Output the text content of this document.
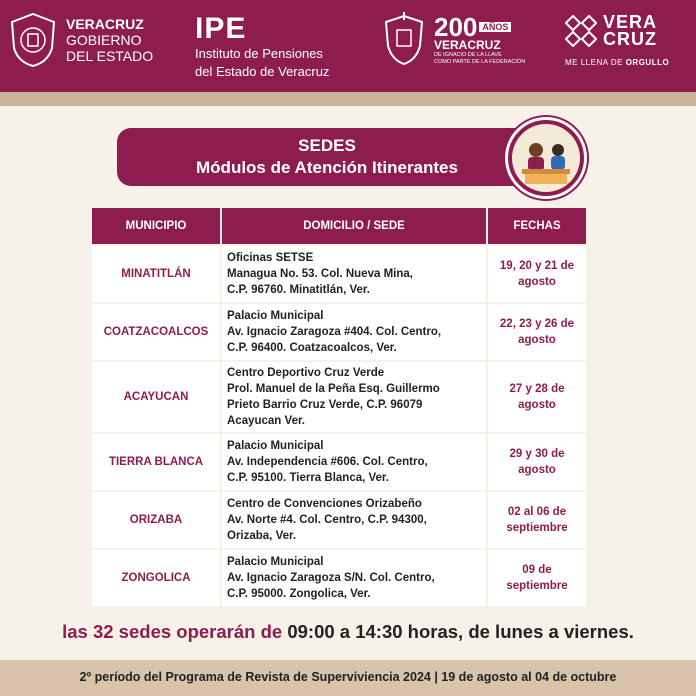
VERACRUZ
GOBIERNO
DEL ESTADO
IPE
Instituto de Pensiones
del Estado de Veracruz
200 $^{AÑOS}$
VERACRUZ
DE IGNACIO DE LA LLAVE
COMO PARTE DE LA FEDERACIÓN
VERA
CRUZ
ME LLENA DE ORGULLO
SEDES
Módulos de Atención Itinerantes
MUNICIPIO	DOMICILIO / SEDE	FECHAS
MINATITLÁN	Oficinas SETSE
Managua No. 53. Col. Nueva Mina,
C.P. 96760. Minatitlán, Ver.	19, 20 y 21 de agosto
COATZACOALCOS	Palacio Municipal
Av. Ignacio Zaragoza #404. Col. Centro,
C.P. 96400. Coatzacoalcos, Ver.	22, 23 y 26 de agosto
ACAYUCAN	Centro Deportivo Cruz Verde
Prol. Manuel de la Peña Esq. Guillermo
Prieto Barrio Cruz Verde, C.P. 96079
Acayucan Ver.	27 y 28 de agosto
TIERRA BLANCA	Palacio Municipal
Av. Independencia #606. Col. Centro,
C.P. 95100. Tierra Blanca, Ver.	29 y 30 de agosto
ORIZABA	Centro de Convenciones Orizabeño
Av. Norte #4. Col. Centro, C.P. 94300,
Orizaba, Ver.	02 al 06 de septiembre
ZONGOLICA	Palacio Municipal
Av. Ignacio Zaragoza S/N. Col. Centro,
C.P. 95000. Zongolica, Ver.	09 de septiembre
las 32 sedes operarán de 09:00 a 14:30 horas, de lunes a viernes.
2º período del Programa de Revista de Superviviencia 2024 | 19 de agosto al 04 de octubre
